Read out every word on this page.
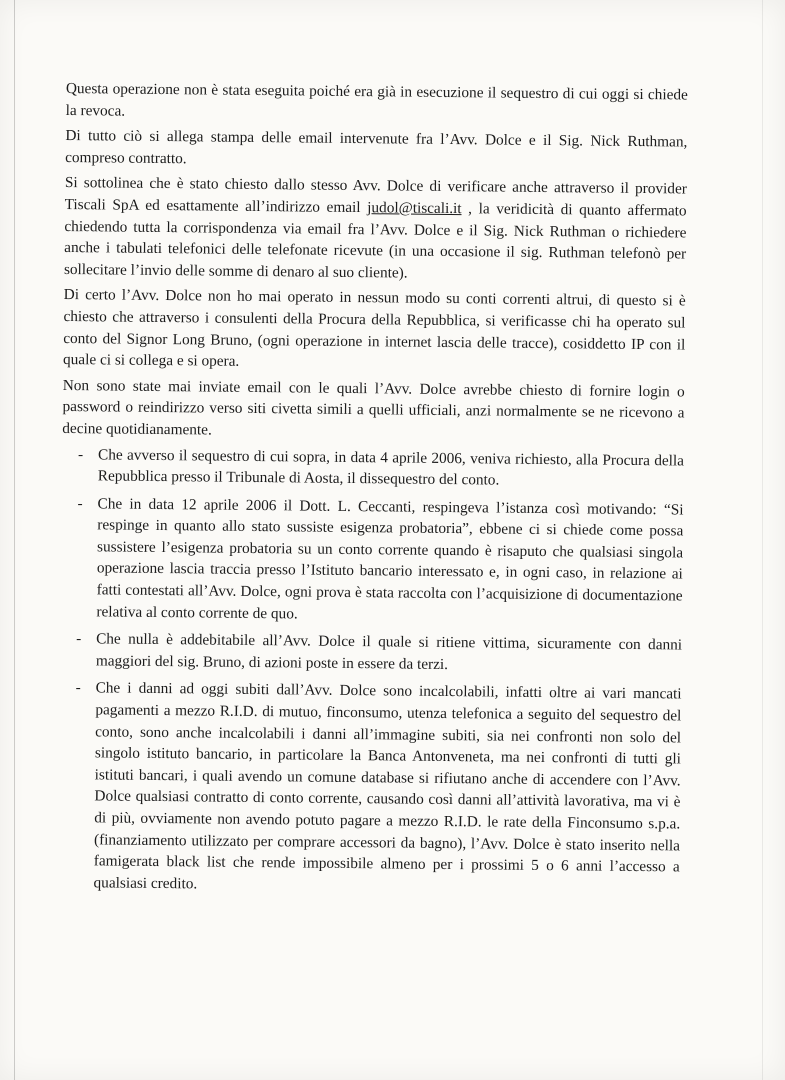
Questa operazione non è stata eseguita poiché era già in esecuzione il sequestro di cui oggi si chiede la revoca.

Di tutto ciò si allega stampa delle email intervenute fra l’Avv. Dolce e il Sig. Nick Ruthman, compreso contratto.

Si sottolinea che è stato chiesto dallo stesso Avv. Dolce di verificare anche attraverso il provider Tiscali SpA ed esattamente all’indirizzo email judol@tiscali.it , la veridicità di quanto affermato chiedendo tutta la corrispondenza via email fra l’Avv. Dolce e il Sig. Nick Ruthman o richiedere anche i tabulati telefonici delle telefonate ricevute (in una occasione il sig. Ruthman telefonò per sollecitare l’invio delle somme di denaro al suo cliente).

Di certo l’Avv. Dolce non ho mai operato in nessun modo su conti correnti altrui, di questo si è chiesto che attraverso i consulenti della Procura della Repubblica, si verificasse chi ha operato sul conto del Signor Long Bruno, (ogni operazione in internet lascia delle tracce), cosiddetto IP con il quale ci si collega e si opera.

Non sono state mai inviate email con le quali l’Avv. Dolce avrebbe chiesto di fornire login o password o reindirizzo verso siti civetta simili a quelli ufficiali, anzi normalmente se ne ricevono a decine quotidianamente.

- Che avverso il sequestro di cui sopra, in data 4 aprile 2006, veniva richiesto, alla Procura della Repubblica presso il Tribunale di Aosta, il dissequestro del conto.
- Che in data 12 aprile 2006 il Dott. L. Ceccanti, respingeva l’istanza così motivando: “Si respinge in quanto allo stato sussiste esigenza probatoria”, ebbene ci si chiede come possa sussistere l’esigenza probatoria su un conto corrente quando è risaputo che qualsiasi singola operazione lascia traccia presso l’Istituto bancario interessato e, in ogni caso, in relazione ai fatti contestati all’Avv. Dolce, ogni prova è stata raccolta con l’acquisizione di documentazione relativa al conto corrente de quo.
- Che nulla è addebitabile all’Avv. Dolce il quale si ritiene vittima, sicuramente con danni maggiori del sig. Bruno, di azioni poste in essere da terzi.
- Che i danni ad oggi subiti dall’Avv. Dolce sono incalcolabili, infatti oltre ai vari mancati pagamenti a mezzo R.I.D. di mutuo, finconsumo, utenza telefonica a seguito del sequestro del conto, sono anche incalcolabili i danni all’immagine subiti, sia nei confronti non solo del singolo istituto bancario, in particolare la Banca Antonveneta, ma nei confronti di tutti gli istituti bancari, i quali avendo un comune database si rifiutano anche di accendere con l’Avv. Dolce qualsiasi contratto di conto corrente, causando così danni all’attività lavorativa, ma vi è di più, ovviamente non avendo potuto pagare a mezzo R.I.D. le rate della Finconsumo s.p.a. (finanziamento utilizzato per comprare accessori da bagno), l’Avv. Dolce è stato inserito nella famigerata black list che rende impossibile almeno per i prossimi 5 o 6 anni l’accesso a qualsiasi credito.
